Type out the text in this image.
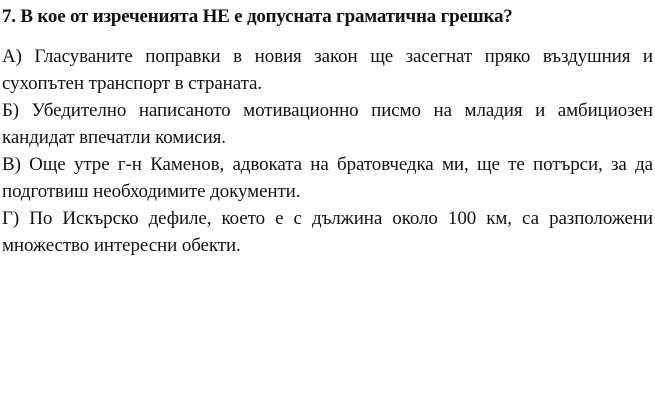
7. В кое от изреченията НЕ е допусната граматична грешка?

А) Гласуваните поправки в новия закон ще засегнат пряко въздушния и сухопътен транспорт в страната.

Б) Убедително написаното мотивационно писмо на младия и амбициозен кандидат впечатли комисия.

В) Още утре г-н Каменов, адвоката на братовчедка ми, ще те потърси, за да подготвиш необходимите документи.

Г) По Искърско дефиле, което е с дължина около 100 км, са разположени множество интересни обекти.
